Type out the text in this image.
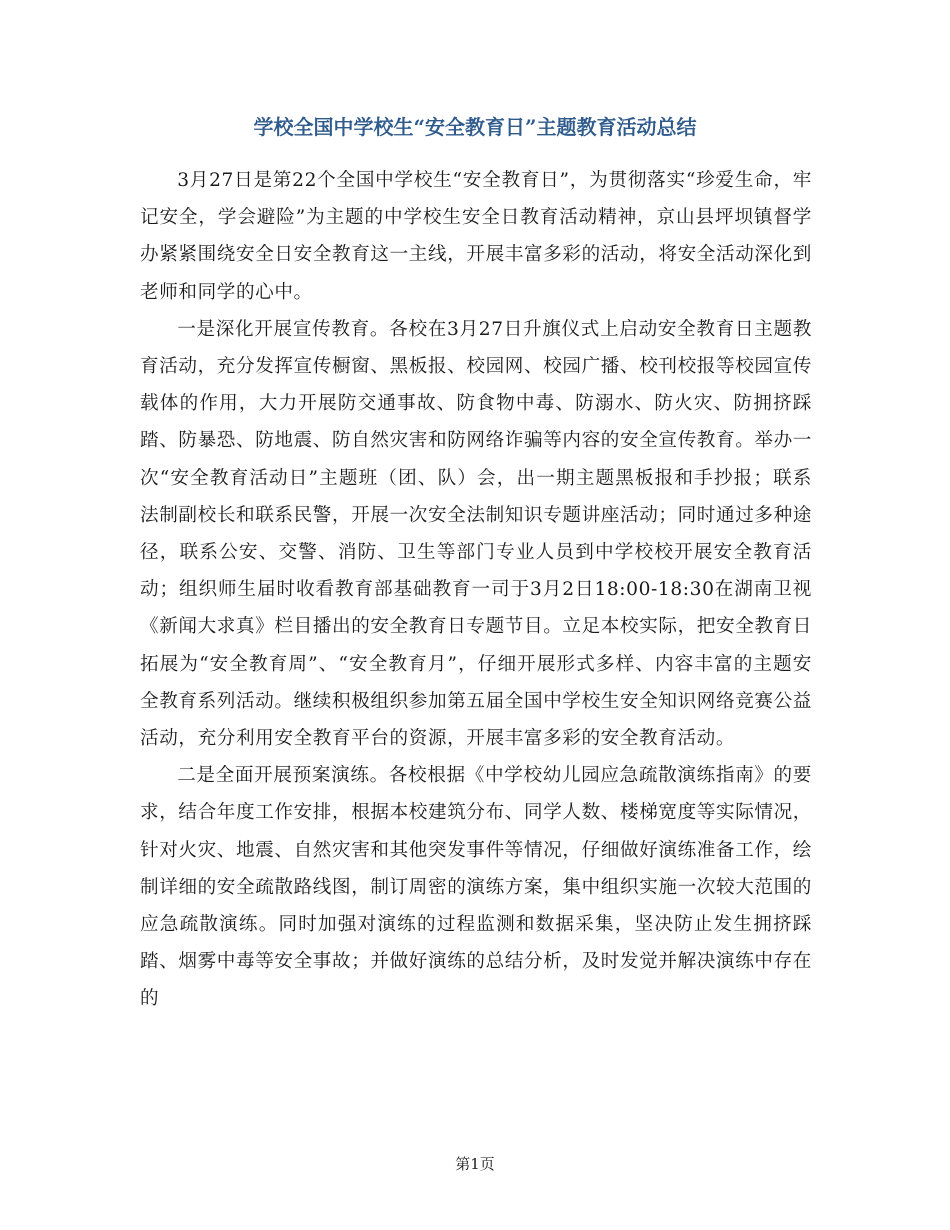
学校全国中学校生“安全教育日”主题教育活动总结

3月27日是第22个全国中学校生“安全教育日”，为贯彻落实“珍爱生命，牢记安全，学会避险”为主题的中学校生安全日教育活动精神，京山县坪坝镇督学办紧紧围绕安全日安全教育这一主线，开展丰富多彩的活动，将安全活动深化到老师和同学的心中。

一是深化开展宣传教育。各校在3月27日升旗仪式上启动安全教育日主题教育活动，充分发挥宣传橱窗、黑板报、校园网、校园广播、校刊校报等校园宣传载体的作用，大力开展防交通事故、防食物中毒、防溺水、防火灾、防拥挤踩踏、防暴恐、防地震、防自然灾害和防网络诈骗等内容的安全宣传教育。举办一次“安全教育活动日”主题班（团、队）会，出一期主题黑板报和手抄报；联系法制副校长和联系民警，开展一次安全法制知识专题讲座活动；同时通过多种途径，联系公安、交警、消防、卫生等部门专业人员到中学校校开展安全教育活动；组织师生届时收看教育部基础教育一司于3月2日18:00-18:30在湖南卫视《新闻大求真》栏目播出的安全教育日专题节目。立足本校实际，把安全教育日拓展为“安全教育周”、“安全教育月”，仔细开展形式多样、内容丰富的主题安全教育系列活动。继续积极组织参加第五届全国中学校生安全知识网络竞赛公益活动，充分利用安全教育平台的资源，开展丰富多彩的安全教育活动。

二是全面开展预案演练。各校根据《中学校幼儿园应急疏散演练指南》的要求，结合年度工作安排，根据本校建筑分布、同学人数、楼梯宽度等实际情况，针对火灾、地震、自然灾害和其他突发事件等情况，仔细做好演练准备工作，绘制详细的安全疏散路线图，制订周密的演练方案，集中组织实施一次较大范围的应急疏散演练。同时加强对演练的过程监测和数据采集，坚决防止发生拥挤踩踏、烟雾中毒等安全事故；并做好演练的总结分析，及时发觉并解决演练中存在的

第1页
